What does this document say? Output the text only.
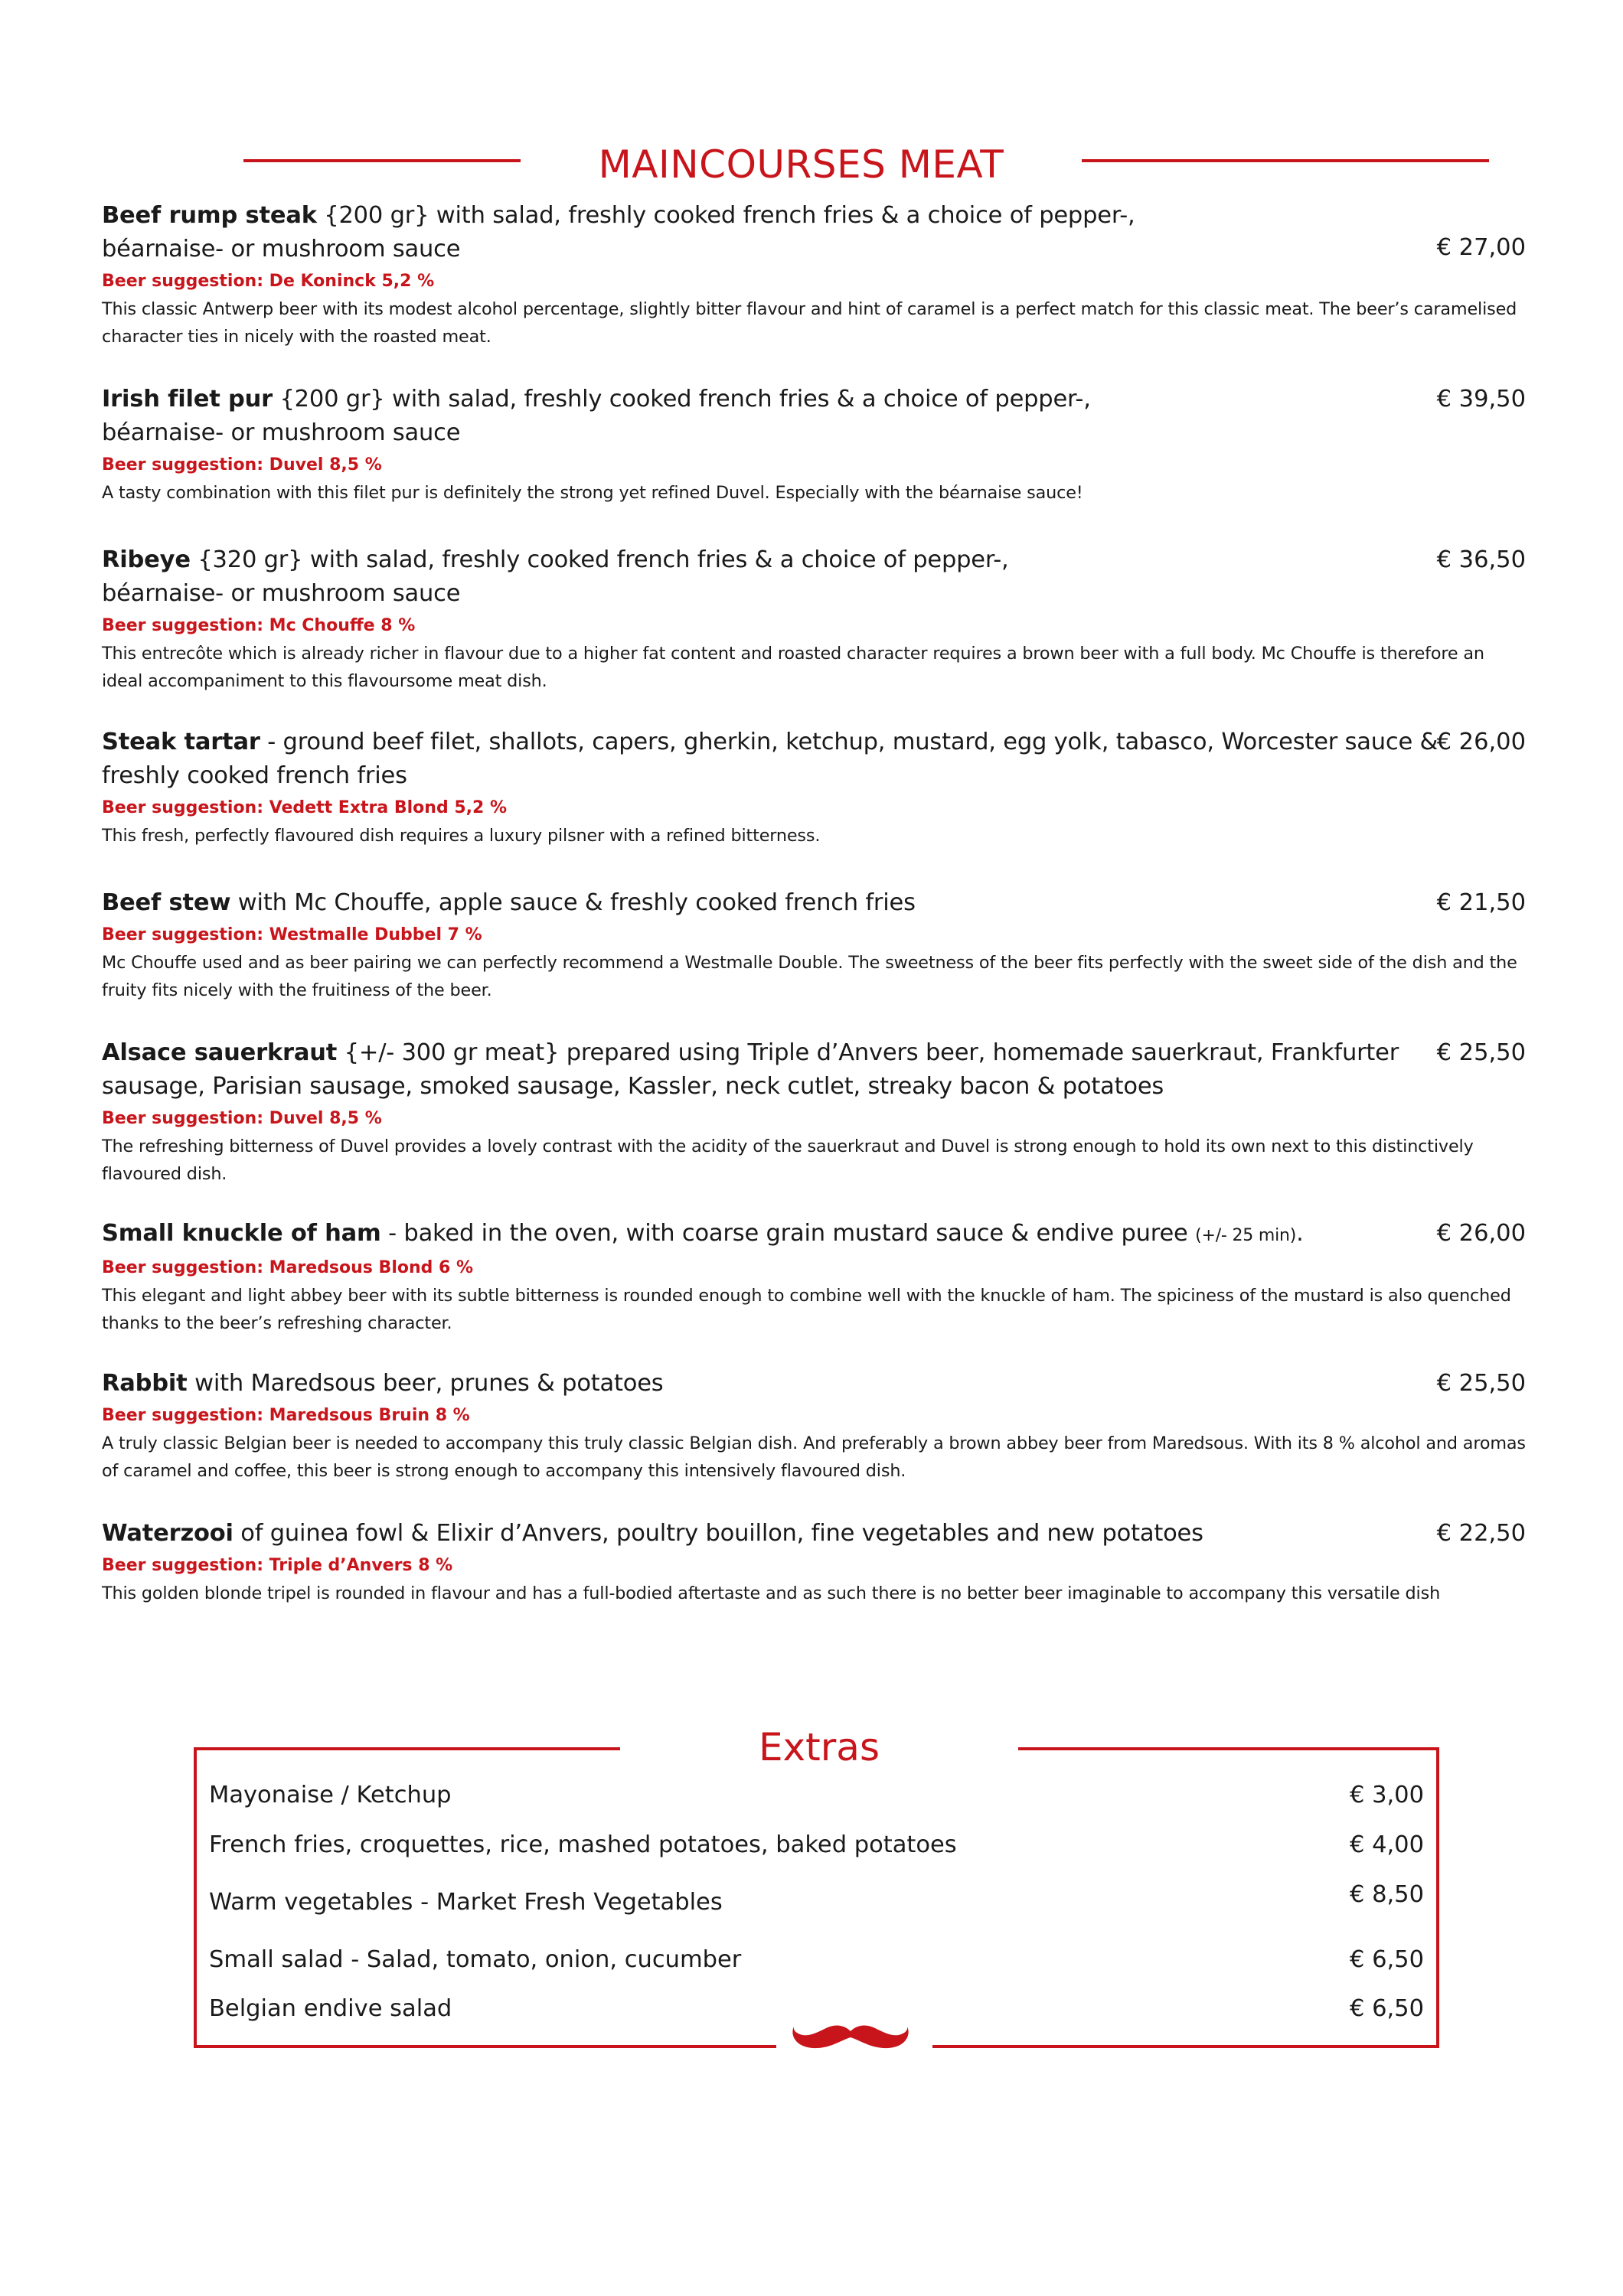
MAINCOURSES MEAT
€ 27,00
Beef rump steak {200 gr} with salad, freshly cooked french fries & a choice of pepper-,
béarnaise- or mushroom sauce
Beer suggestion: De Koninck 5,2 %
This classic Antwerp beer with its modest alcohol percentage, slightly bitter flavour and hint of caramel is a perfect match for this classic meat. The beer’s caramelised character ties in nicely with the roasted meat.
€ 39,50
Irish filet pur {200 gr} with salad, freshly cooked french fries & a choice of pepper-,
béarnaise- or mushroom sauce
Beer suggestion: Duvel 8,5 %
A tasty combination with this filet pur is definitely the strong yet refined Duvel. Especially with the béarnaise sauce!
€ 36,50
Ribeye {320 gr} with salad, freshly cooked french fries & a choice of pepper-,
béarnaise- or mushroom sauce
Beer suggestion: Mc Chouffe 8 %
This entrecôte which is already richer in flavour due to a higher fat content and roasted character requires a brown beer with a full body. Mc Chouffe is therefore an ideal accompaniment to this flavoursome meat dish.
€ 26,00
Steak tartar - ground beef filet, shallots, capers, gherkin, ketchup, mustard, egg yolk, tabasco, Worcester sauce &
freshly cooked french fries
Beer suggestion: Vedett Extra Blond 5,2 %
This fresh, perfectly flavoured dish requires a luxury pilsner with a refined bitterness.
€ 21,50
Beef stew with Mc Chouffe, apple sauce & freshly cooked french fries
Beer suggestion: Westmalle Dubbel 7 %
Mc Chouffe used and as beer pairing we can perfectly recommend a Westmalle Double. The sweetness of the beer fits perfectly with the sweet side of the dish and the fruity fits nicely with the fruitiness of the beer.
€ 25,50
Alsace sauerkraut {+/- 300 gr meat} prepared using Triple d’Anvers beer, homemade sauerkraut, Frankfurter
sausage, Parisian sausage, smoked sausage, Kassler, neck cutlet, streaky bacon & potatoes
Beer suggestion: Duvel 8,5 %
The refreshing bitterness of Duvel provides a lovely contrast with the acidity of the sauerkraut and Duvel is strong enough to hold its own next to this distinctively flavoured dish.
€ 26,00
Small knuckle of ham - baked in the oven, with coarse grain mustard sauce & endive puree (+/- 25 min).
Beer suggestion: Maredsous Blond 6 %
This elegant and light abbey beer with its subtle bitterness is rounded enough to combine well with the knuckle of ham. The spiciness of the mustard is also quenched thanks to the beer’s refreshing character.
€ 25,50
Rabbit with Maredsous beer, prunes & potatoes
Beer suggestion: Maredsous Bruin 8 %
A truly classic Belgian beer is needed to accompany this truly classic Belgian dish. And preferably a brown abbey beer from Maredsous. With its 8 % alcohol and aromas of caramel and coffee, this beer is strong enough to accompany this intensively flavoured dish.
€ 22,50
Waterzooi of guinea fowl & Elixir d’Anvers, poultry bouillon, fine vegetables and new potatoes
Beer suggestion: Triple d’Anvers 8 %
This golden blonde tripel is rounded in flavour and has a full-bodied aftertaste and as such there is no better beer imaginable to accompany this versatile dish
Extras
Mayonaise / Ketchup	€ 3,00
French fries, croquettes, rice, mashed potatoes, baked potatoes	€ 4,00
Warm vegetables - Market Fresh Vegetables	€ 8,50
Small salad - Salad, tomato, onion, cucumber	€ 6,50
Belgian endive salad	€ 6,50
